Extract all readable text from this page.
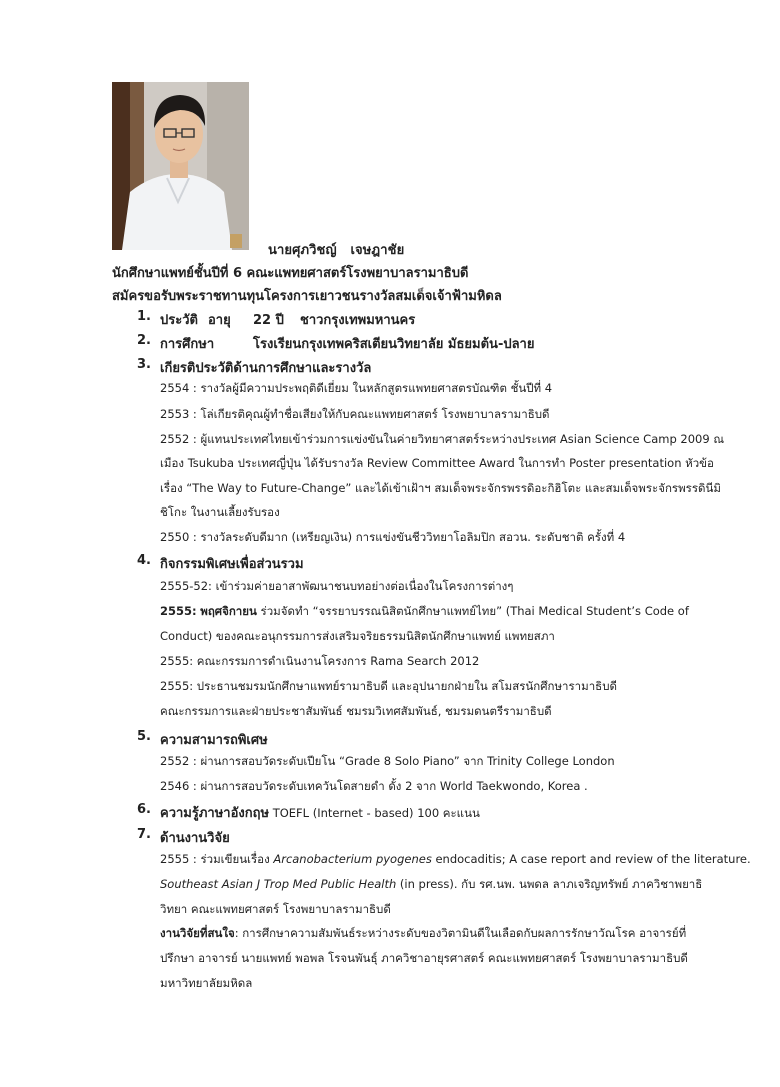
นายศุภวิชญ์   เจษฎาชัย
นักศึกษาแพทย์ชั้นปีที่ 6 คณะแพทยศาสตร์โรงพยาบาลรามาธิบดี
สมัครขอรับพระราชทานทุนโครงการเยาวชนรางวัลสมเด็จเจ้าฟ้ามหิดล
1. ประวัติ อายุ 22 ปี ชาวกรุงเทพมหานคร
2. การศึกษา	โรงเรียนกรุงเทพคริสเตียนวิทยาลัย มัธยมต้น-ปลาย
3. เกียรติประวัติด้านการศึกษาและรางวัล
2554 : รางวัลผู้มีความประพฤติดีเยี่ยม ในหลักสูตรแพทยศาสตรบัณฑิต ชั้นปีที่ 4
2553 : โล่เกียรติคุณผู้ทำชื่อเสียงให้กับคณะแพทยศาสตร์ โรงพยาบาลรามาธิบดี
2552 : ผู้แทนประเทศไทยเข้าร่วมการแข่งขันในค่ายวิทยาศาสตร์ระหว่างประเทศ Asian Science Camp 2009 ณ
เมือง Tsukuba ประเทศญี่ปุ่น ได้รับรางวัล Review Committee Award ในการทำ Poster presentation หัวข้อ
เรื่อง “The Way to Future-Change” และได้เข้าเฝ้าฯ สมเด็จพระจักรพรรดิอะกิฮิโตะ และสมเด็จพระจักรพรรดินีมิ
ชิโกะ ในงานเลี้ยงรับรอง
2550 : รางวัลระดับดีมาก (เหรียญเงิน) การแข่งขันชีววิทยาโอลิมปิก สอวน. ระดับชาติ ครั้งที่ 4
4. กิจกรรมพิเศษเพื่อส่วนรวม
2555-52: เข้าร่วมค่ายอาสาพัฒนาชนบทอย่างต่อเนื่องในโครงการต่างๆ
2555: พฤศจิกายน ร่วมจัดทำ “จรรยาบรรณนิสิตนักศึกษาแพทย์ไทย” (Thai Medical Student’s Code of
Conduct) ของคณะอนุกรรมการส่งเสริมจริยธรรมนิสิตนักศึกษาแพทย์ แพทยสภา
2555: คณะกรรมการดำเนินงานโครงการ Rama Search 2012
2555: ประธานชมรมนักศึกษาแพทย์รามาธิบดี และอุปนายกฝ่ายใน สโมสรนักศึกษารามาธิบดี
คณะกรรมการและฝ่ายประชาสัมพันธ์ ชมรมวิเทศสัมพันธ์, ชมรมดนตรีรามาธิบดี
5. ความสามารถพิเศษ
2552 : ผ่านการสอบวัดระดับเปียโน “Grade 8 Solo Piano” จาก Trinity College London
2546 : ผ่านการสอบวัดระดับเทควันโดสายดำ ดั้ง 2 จาก World Taekwondo, Korea .
6. ความรู้ภาษาอังกฤษ TOEFL (Internet - based) 100 คะแนน
7. ด้านงานวิจัย
2555 : ร่วมเขียนเรื่อง Arcanobacterium pyogenes endocaditis; A case report and review of the literature.
Southeast Asian J Trop Med Public Health (in press). กับ รศ.นพ. นพดล ลาภเจริญทรัพย์ ภาควิชาพยาธิ
วิทยา คณะแพทยศาสตร์ โรงพยาบาลรามาธิบดี
งานวิจัยที่สนใจ: การศึกษาความสัมพันธ์ระหว่างระดับของวิตามินดีในเลือดกับผลการรักษาวัณโรค อาจารย์ที่
ปรึกษา อาจารย์ นายแพทย์ พอพล โรจนพันธุ์ ภาควิชาอายุรศาสตร์ คณะแพทยศาสตร์ โรงพยาบาลรามาธิบดี
มหาวิทยาลัยมหิดล
